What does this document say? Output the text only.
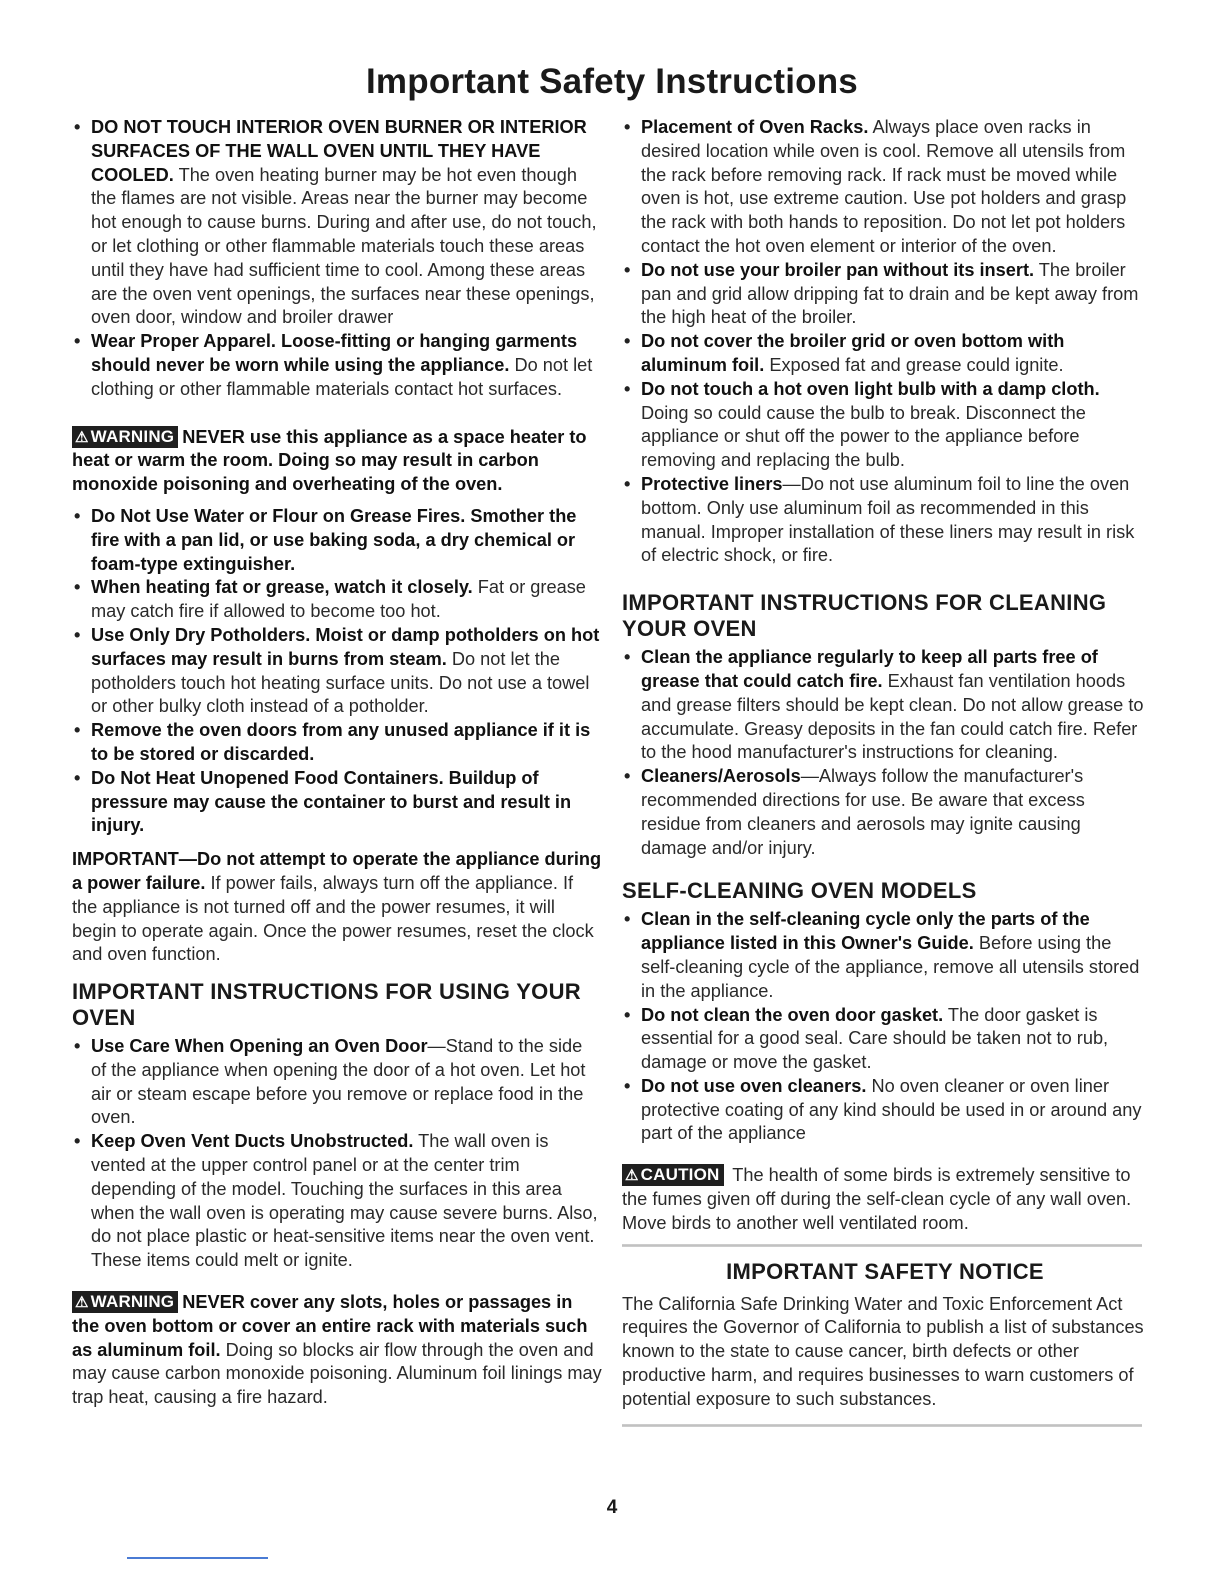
Important Safety Instructions
• DO NOT TOUCH INTERIOR OVEN BURNER OR INTERIOR SURFACES OF THE WALL OVEN UNTIL THEY HAVE COOLED. The oven heating burner may be hot even though the flames are not visible. Areas near the burner may become hot enough to cause burns. During and after use, do not touch, or let clothing or other flammable materials touch these areas until they have had sufficient time to cool. Among these areas are the oven vent openings, the surfaces near these openings, oven door, window and broiler drawer
• Wear Proper Apparel. Loose-fitting or hanging garments should never be worn while using the appliance. Do not let clothing or other flammable materials contact hot surfaces.
⚠ WARNING NEVER use this appliance as a space heater to heat or warm the room. Doing so may result in carbon monoxide poisoning and overheating of the oven.
• Do Not Use Water or Flour on Grease Fires. Smother the fire with a pan lid, or use baking soda, a dry chemical or foam-type extinguisher.
• When heating fat or grease, watch it closely. Fat or grease may catch fire if allowed to become too hot.
• Use Only Dry Potholders. Moist or damp potholders on hot surfaces may result in burns from steam. Do not let the potholders touch hot heating surface units. Do not use a towel or other bulky cloth instead of a potholder.
• Remove the oven doors from any unused appliance if it is to be stored or discarded.
• Do Not Heat Unopened Food Containers. Buildup of pressure may cause the container to burst and result in injury.
IMPORTANT—Do not attempt to operate the appliance during a power failure. If power fails, always turn off the appliance. If the appliance is not turned off and the power resumes, it will begin to operate again. Once the power resumes, reset the clock and oven function.
IMPORTANT INSTRUCTIONS FOR USING YOUR OVEN
• Use Care When Opening an Oven Door—Stand to the side of the appliance when opening the door of a hot oven. Let hot air or steam escape before you remove or replace food in the oven.
• Keep Oven Vent Ducts Unobstructed. The wall oven is vented at the upper control panel or at the center trim depending of the model. Touching the surfaces in this area when the wall oven is operating may cause severe burns. Also, do not place plastic or heat-sensitive items near the oven vent. These items could melt or ignite.
⚠ WARNING NEVER cover any slots, holes or passages in the oven bottom or cover an entire rack with materials such as aluminum foil. Doing so blocks air flow through the oven and may cause carbon monoxide poisoning. Aluminum foil linings may trap heat, causing a fire hazard.
• Placement of Oven Racks. Always place oven racks in desired location while oven is cool. Remove all utensils from the rack before removing rack. If rack must be moved while oven is hot, use extreme caution. Use pot holders and grasp the rack with both hands to reposition. Do not let pot holders contact the hot oven element or interior of the oven.
• Do not use your broiler pan without its insert. The broiler pan and grid allow dripping fat to drain and be kept away from the high heat of the broiler.
• Do not cover the broiler grid or oven bottom with aluminum foil. Exposed fat and grease could ignite.
• Do not touch a hot oven light bulb with a damp cloth. Doing so could cause the bulb to break. Disconnect the appliance or shut off the power to the appliance before removing and replacing the bulb.
• Protective liners—Do not use aluminum foil to line the oven bottom. Only use aluminum foil as recommended in this manual. Improper installation of these liners may result in risk of electric shock, or fire.
IMPORTANT INSTRUCTIONS FOR CLEANING YOUR OVEN
• Clean the appliance regularly to keep all parts free of grease that could catch fire. Exhaust fan ventilation hoods and grease filters should be kept clean. Do not allow grease to accumulate. Greasy deposits in the fan could catch fire. Refer to the hood manufacturer's instructions for cleaning.
• Cleaners/Aerosols—Always follow the manufacturer's recommended directions for use. Be aware that excess residue from cleaners and aerosols may ignite causing damage and/or injury.
SELF-CLEANING OVEN MODELS
• Clean in the self-cleaning cycle only the parts of the appliance listed in this Owner's Guide. Before using the self-cleaning cycle of the appliance, remove all utensils stored in the appliance.
• Do not clean the oven door gasket. The door gasket is essential for a good seal. Care should be taken not to rub, damage or move the gasket.
• Do not use oven cleaners. No oven cleaner or oven liner protective coating of any kind should be used in or around any part of the appliance
⚠ CAUTION The health of some birds is extremely sensitive to the fumes given off during the self-clean cycle of any wall oven. Move birds to another well ventilated room.
IMPORTANT SAFETY NOTICE
The California Safe Drinking Water and Toxic Enforcement Act requires the Governor of California to publish a list of substances known to the state to cause cancer, birth defects or other productive harm, and requires businesses to warn customers of potential exposure to such substances.
4
